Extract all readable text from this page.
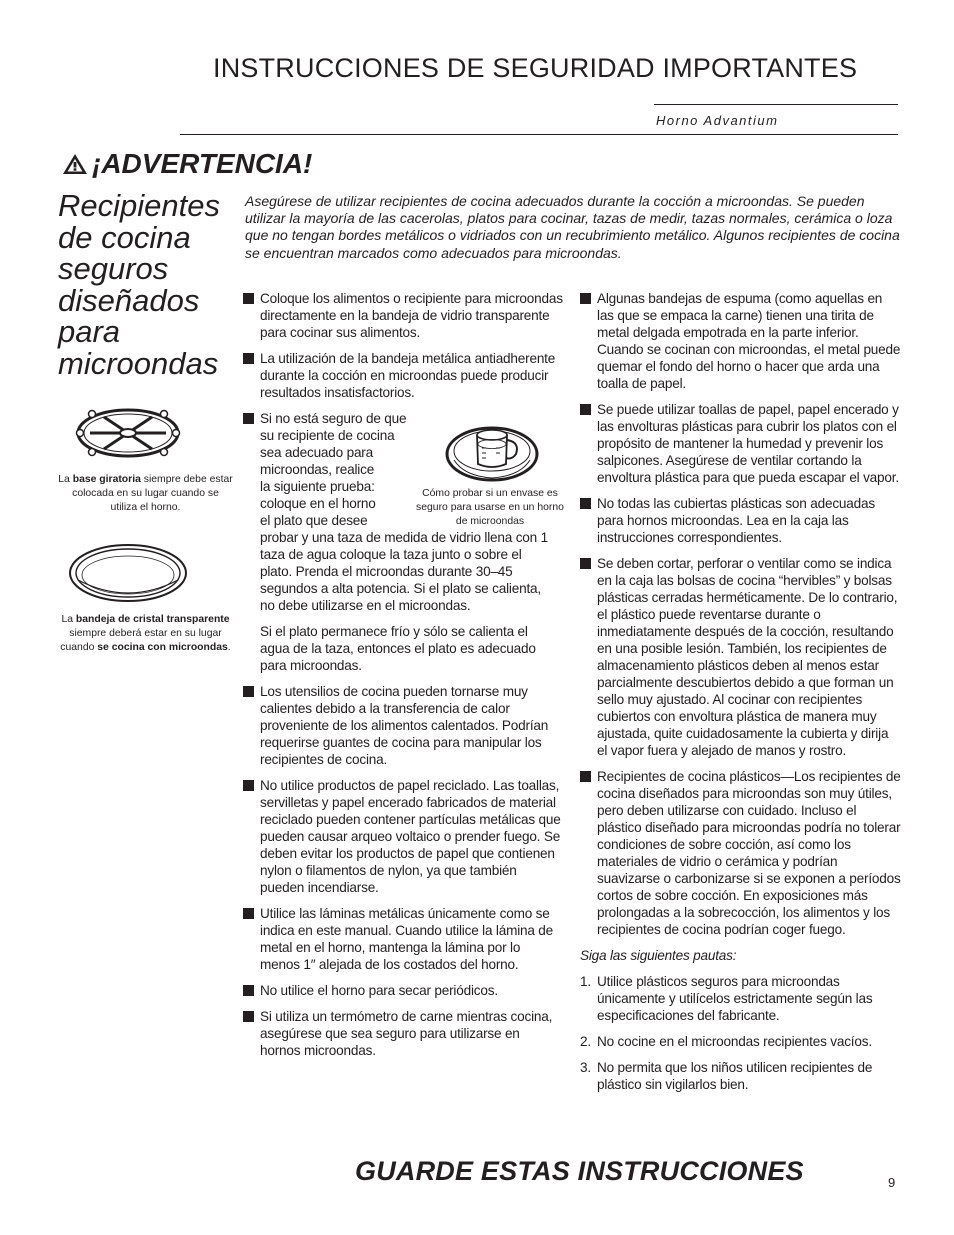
INSTRUCCIONES DE SEGURIDAD IMPORTANTES
Horno Advantium
¡ADVERTENCIA!
Recipientes de cocina seguros diseñados para microondas
Asegúrese de utilizar recipientes de cocina adecuados durante la cocción a microondas. Se pueden utilizar la mayoría de las cacerolas, platos para cocinar, tazas de medir, tazas normales, cerámica o loza que no tengan bordes metálicos o vidriados con un recubrimiento metálico. Algunos recipientes de cocina se encuentran marcados como adecuados para microondas.
La base giratoria siempre debe estar colocada en su lugar cuando se utiliza el horno.
La bandeja de cristal transparente siempre deberá estar en su lugar cuando se cocina con microondas.
Cómo probar si un envase es seguro para usarse en un horno de microondas
Coloque los alimentos o recipiente para microondas directamente en la bandeja de vidrio transparente para cocinar sus alimentos.
La utilización de la bandeja metálica antiadherente durante la cocción en microondas puede producir resultados insatisfactorios.
Si no está seguro de que
su recipiente de cocina
sea adecuado para
microondas, realice
la siguiente prueba:
coloque en el horno
el plato que desee
probar y una taza de medida de vidrio llena con 1 taza de agua coloque la taza junto o sobre el plato. Prenda el microondas durante 30–45 segundos a alta potencia. Si el plato se calienta, no debe utilizarse en el microondas.
Si el plato permanece frío y sólo se calienta el agua de la taza, entonces el plato es adecuado para microondas.
Los utensilios de cocina pueden tornarse muy calientes debido a la transferencia de calor proveniente de los alimentos calentados. Podrían requerirse guantes de cocina para manipular los recipientes de cocina.
No utilice productos de papel reciclado. Las toallas, servilletas y papel encerado fabricados de material reciclado pueden contener partículas metálicas que pueden causar arqueo voltaico o prender fuego. Se deben evitar los productos de papel que contienen nylon o filamentos de nylon, ya que también pueden incendiarse.
Utilice las láminas metálicas únicamente como se indica en este manual. Cuando utilice la lámina de metal en el horno, mantenga la lámina por lo menos 1″ alejada de los costados del horno.
No utilice el horno para secar periódicos.
Si utiliza un termómetro de carne mientras cocina, asegúrese que sea seguro para utilizarse en hornos microondas.
Algunas bandejas de espuma (como aquellas en las que se empaca la carne) tienen una tirita de metal delgada empotrada en la parte inferior. Cuando se cocinan con microondas, el metal puede quemar el fondo del horno o hacer que arda una toalla de papel.
Se puede utilizar toallas de papel, papel encerado y las envolturas plásticas para cubrir los platos con el propósito de mantener la humedad y prevenir los salpicones. Asegúrese de ventilar cortando la envoltura plástica para que pueda escapar el vapor.
No todas las cubiertas plásticas son adecuadas para hornos microondas. Lea en la caja las instrucciones correspondientes.
Se deben cortar, perforar o ventilar como se indica en la caja las bolsas de cocina “hervibles” y bolsas plásticas cerradas herméticamente. De lo contrario, el plástico puede reventarse durante o inmediatamente después de la cocción, resultando en una posible lesión. También, los recipientes de almacenamiento plásticos deben al menos estar parcialmente descubiertos debido a que forman un sello muy ajustado. Al cocinar con recipientes cubiertos con envoltura plástica de manera muy ajustada, quite cuidadosamente la cubierta y dirija el vapor fuera y alejado de manos y rostro.
Recipientes de cocina plásticos—Los recipientes de cocina diseñados para microondas son muy útiles, pero deben utilizarse con cuidado. Incluso el plástico diseñado para microondas podría no tolerar condiciones de sobre cocción, así como los materiales de vidrio o cerámica y podrían suavizarse o carbonizarse si se exponen a períodos cortos de sobre cocción. En exposiciones más prolongadas a la sobrecocción, los alimentos y los recipientes de cocina podrían coger fuego.

Siga las siguientes pautas:

1. Utilice plásticos seguros para microondas únicamente y utilícelos estrictamente según las especificaciones del fabricante.
2. No cocine en el microondas recipientes vacíos.
3. No permita que los niños utilicen recipientes de plástico sin vigilarlos bien.
GUARDE ESTAS INSTRUCCIONES	9
